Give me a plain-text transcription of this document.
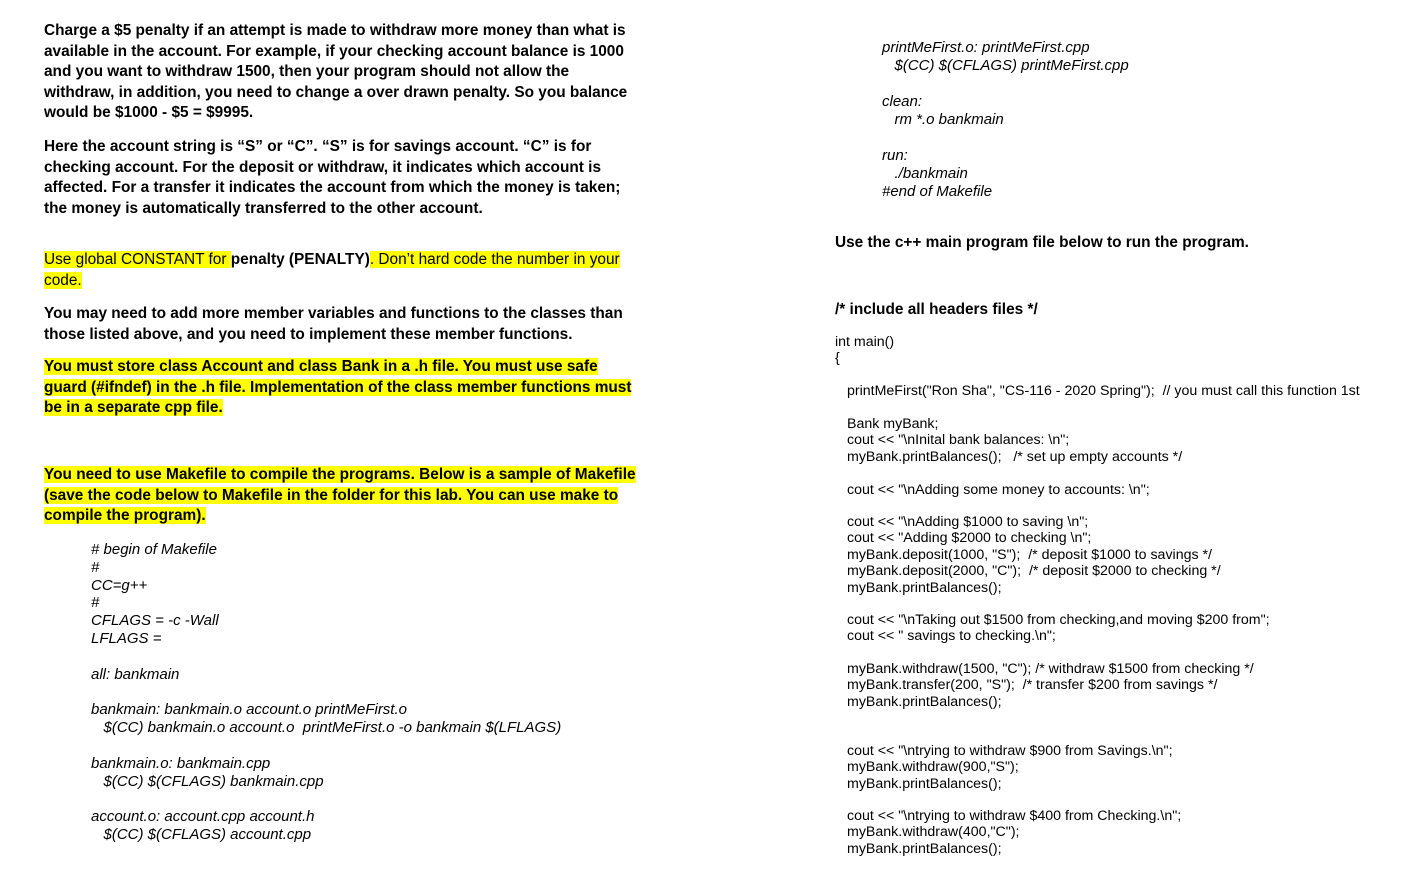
Charge a $5 penalty if an attempt is made to withdraw more money than what is
available in the account. For example, if your checking account balance is 1000
and you want to withdraw 1500, then your program should not allow the
withdraw, in addition, you need to change a over drawn penalty. So you balance
would be $1000 - $5 = $9995.
Here the account string is “S” or “C”. “S” is for savings account. “C” is for
checking account. For the deposit or withdraw, it indicates which account is
affected. For a transfer it indicates the account from which the money is taken;
the money is automatically transferred to the other account.
Use global CONSTANT for penalty (PENALTY). Don’t hard code the number in your
code.
You may need to add more member variables and functions to the classes than
those listed above, and you need to implement these member functions.
You must store class Account and class Bank in a .h file. You must use safe
guard (#ifndef) in the .h file. Implementation of the class member functions must
be in a separate cpp file.
You need to use Makefile to compile the programs. Below is a sample of Makefile
(save the code below to Makefile in the folder for this lab. You can use make to
compile the program).
# begin of Makefile
#
CC=g++
#
CFLAGS = -c -Wall
LFLAGS =
all: bankmain
bankmain: bankmain.o account.o printMeFirst.o
$(CC) bankmain.o account.o  printMeFirst.o -o bankmain $(LFLAGS)
bankmain.o: bankmain.cpp
$(CC) $(CFLAGS) bankmain.cpp
account.o: account.cpp account.h
$(CC) $(CFLAGS) account.cpp
printMeFirst.o: printMeFirst.cpp
$(CC) $(CFLAGS) printMeFirst.cpp
clean:
rm *.o bankmain
run:
./bankmain
#end of Makefile
Use the c++ main program file below to run the program.
/* include all headers files */
int main()
{
printMeFirst("Ron Sha", "CS-116 - 2020 Spring");  // you must call this function 1st
Bank myBank;
cout << "\nInital bank balances: \n";
myBank.printBalances();   /* set up empty accounts */
cout << "\nAdding some money to accounts: \n";
cout << "\nAdding $1000 to saving \n";
cout << "Adding $2000 to checking \n";
myBank.deposit(1000, "S");  /* deposit $1000 to savings */
myBank.deposit(2000, "C");  /* deposit $2000 to checking */
myBank.printBalances();
cout << "\nTaking out $1500 from checking,and moving $200 from";
cout << " savings to checking.\n";
myBank.withdraw(1500, "C"); /* withdraw $1500 from checking */
myBank.transfer(200, "S");  /* transfer $200 from savings */
myBank.printBalances();
cout << "\ntrying to withdraw $900 from Savings.\n";
myBank.withdraw(900,"S");
myBank.printBalances();
cout << "\ntrying to withdraw $400 from Checking.\n";
myBank.withdraw(400,"C");
myBank.printBalances();
